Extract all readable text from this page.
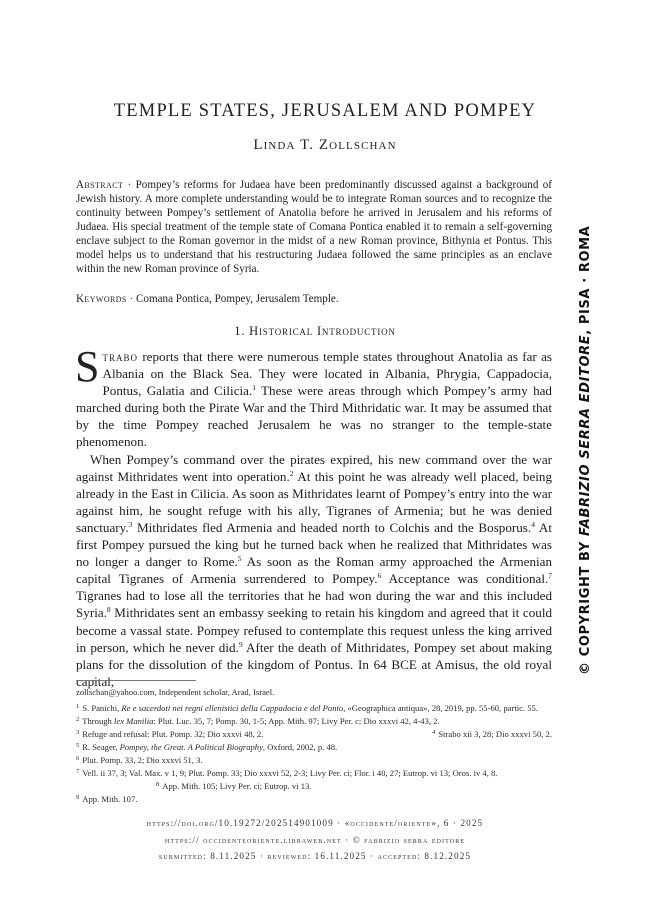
TEMPLE STATES, JERUSALEM AND POMPEY
Linda T. Zollschan
Abstract · Pompey’s reforms for Judaea have been predominantly discussed against a background of Jewish history. A more complete understanding would be to integrate Roman sources and to recognize the continuity between Pompey’s settlement of Anatolia before he arrived in Jerusalem and his reforms of Judaea. His special treatment of the temple state of Comana Pontica enabled it to remain a self-governing enclave subject to the Roman governor in the midst of a new Roman province, Bithynia et Pontus. This model helps us to understand that his restructuring Judaea followed the same principles as an enclave within the new Roman province of Syria.
Keywords · Comana Pontica, Pompey, Jerusalem Temple.
1. Historical Introduction

Strabo reports that there were numerous temple states throughout Anatolia as far as Albania on the Black Sea. They were located in Albania, Phrygia, Cappadocia, Pontus, Galatia and Cilicia.$^1$ These were areas through which Pompey’s army had marched during both the Pirate War and the Third Mithridatic war. It may be assumed that by the time Pompey reached Jerusalem he was no stranger to the temple-state phenomenon.

When Pompey’s command over the pirates expired, his new command over the war against Mithridates went into operation.$^2$ At this point he was already well placed, being already in the East in Cilicia. As soon as Mithridates learnt of Pompey’s entry into the war against him, he sought refuge with his ally, Tigranes of Armenia; but he was denied sanctuary.$^3$ Mithridates fled Armenia and headed north to Colchis and the Bosporus.$^4$ At first Pompey pursued the king but he turned back when he realized that Mithridates was no longer a danger to Rome.$^5$ As soon as the Roman army approached the Armenian capital Tigranes of Armenia surrendered to Pompey.$^6$ Acceptance was conditional.$^7$ Tigranes had to lose all the territories that he had won during the war and this included Syria.$^8$ Mithridates sent an embassy seeking to retain his kingdom and agreed that it could become a vassal state. Pompey refused to contemplate this request unless the king arrived in person, which he never did.$^9$ After the death of Mithridates, Pompey set about making plans for the dissolution of the kingdom of Pontus. In 64 BCE at Amisus, the old royal capital,

zollschan@yahoo.com, Independent scholar, Arad, Israel.

$^1$ S. Panichi, Re e sacerdoti nei regni ellenistici della Cappadocia e del Ponto, «Geographica antiqua», 28, 2019, pp. 55-60, partic. 55.

$^2$ Through lex Manilia: Plut. Luc. 35, 7; Pomp. 30, 1-5; App. Mith. 97; Livy Per. c; Dio xxxvi 42, 4-43, 2.

$^3$ Refuge and refusal: Plut. Pomp. 32; Dio xxxvi 48, 2.	$^4$ Strabo xii 3, 28; Dio xxxvi 50, 2.

$^5$ R. Seager, Pompey, the Great. A Political Biography, Oxford, 2002, p. 48.

$^6$ Plut. Pomp. 33, 2; Dio xxxvi 51, 3.

$^7$ Vell. ii 37, 3; Val. Max. v 1, 9; Plut. Pomp. 33; Dio xxxvi 52, 2-3; Livy Per. ci; Flor. i 40, 27; Eutrop. vi 13; Oros. iv 4, 8. $^8$ App. Mith. 105; Livy Per. ci; Eutrop. vi 13.

$^9$ App. Mith. 107.

https://doi.org/10.19272/202514901009 · «occidente/oriente», 6 · 2025
https:// occidenteoriente.libraweb.net · © fabrizio serra editore
submitted: 8.11.2025 · reviewed: 16.11.2025 · accepted: 8.12.2025
© COPYRIGHT BY FABRIZIO SERRA EDITORE, PISA · ROMA
